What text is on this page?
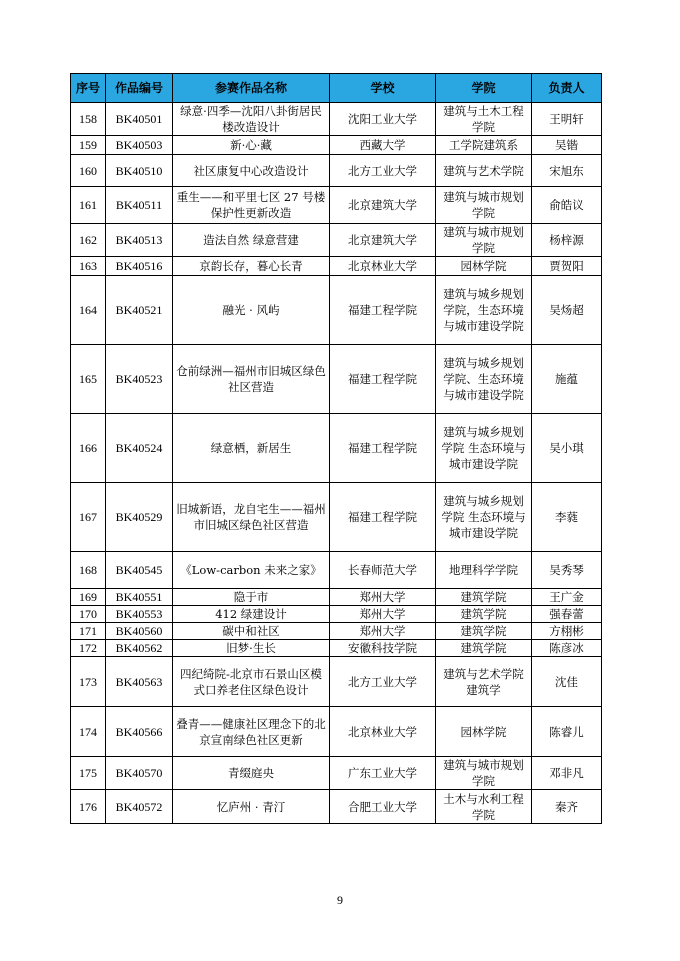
序号	作品编号	参赛作品名称	学校	学院	负责人
158	BK40501	绿意·四季—沈阳八卦街居民楼改造设计	沈阳工业大学	建筑与土木工程学院	王明轩
159	BK40503	新·心·藏	西藏大学	工学院建筑系	吴锴
160	BK40510	社区康复中心改造设计	北方工业大学	建筑与艺术学院	宋旭东
161	BK40511	重生——和平里七区 27 号楼保护性更新改造	北京建筑大学	建筑与城市规划学院	俞皓议
162	BK40513	造法自然 绿意营建	北京建筑大学	建筑与城市规划学院	杨梓源
163	BK40516	京韵长存，暮心长青	北京林业大学	园林学院	贾贺阳
164	BK40521	融光 · 风屿	福建工程学院	建筑与城乡规划学院，生态环境与城市建设学院	吴炀超
165	BK40523	仓前绿洲—福州市旧城区绿色社区营造	福建工程学院	建筑与城乡规划学院、生态环境与城市建设学院	施蕴
166	BK40524	绿意栖，新居生	福建工程学院	建筑与城乡规划学院 生态环境与城市建设学院	吴小琪
167	BK40529	旧城新语，龙自宅生——福州市旧城区绿色社区营造	福建工程学院	建筑与城乡规划学院 生态环境与城市建设学院	李蕤
168	BK40545	《Low-carbon 未来之家》	长春师范大学	地理科学学院	吴秀琴
169	BK40551	隐于市	郑州大学	建筑学院	王广金
170	BK40553	412 绿建设计	郑州大学	建筑学院	强春蕾
171	BK40560	碳中和社区	郑州大学	建筑学院	方栩彬
172	BK40562	旧梦·生长	安徽科技学院	建筑学院	陈彦冰
173	BK40563	四纪绮院-北京市石景山区模式口养老住区绿色设计	北方工业大学	建筑与艺术学院建筑学	沈佳
174	BK40566	叠青——健康社区理念下的北京宣南绿色社区更新	北京林业大学	园林学院	陈睿儿
175	BK40570	青缀庭央	广东工业大学	建筑与城市规划学院	邓非凡
176	BK40572	忆庐州 · 青汀	合肥工业大学	土木与水利工程学院	秦齐
9
